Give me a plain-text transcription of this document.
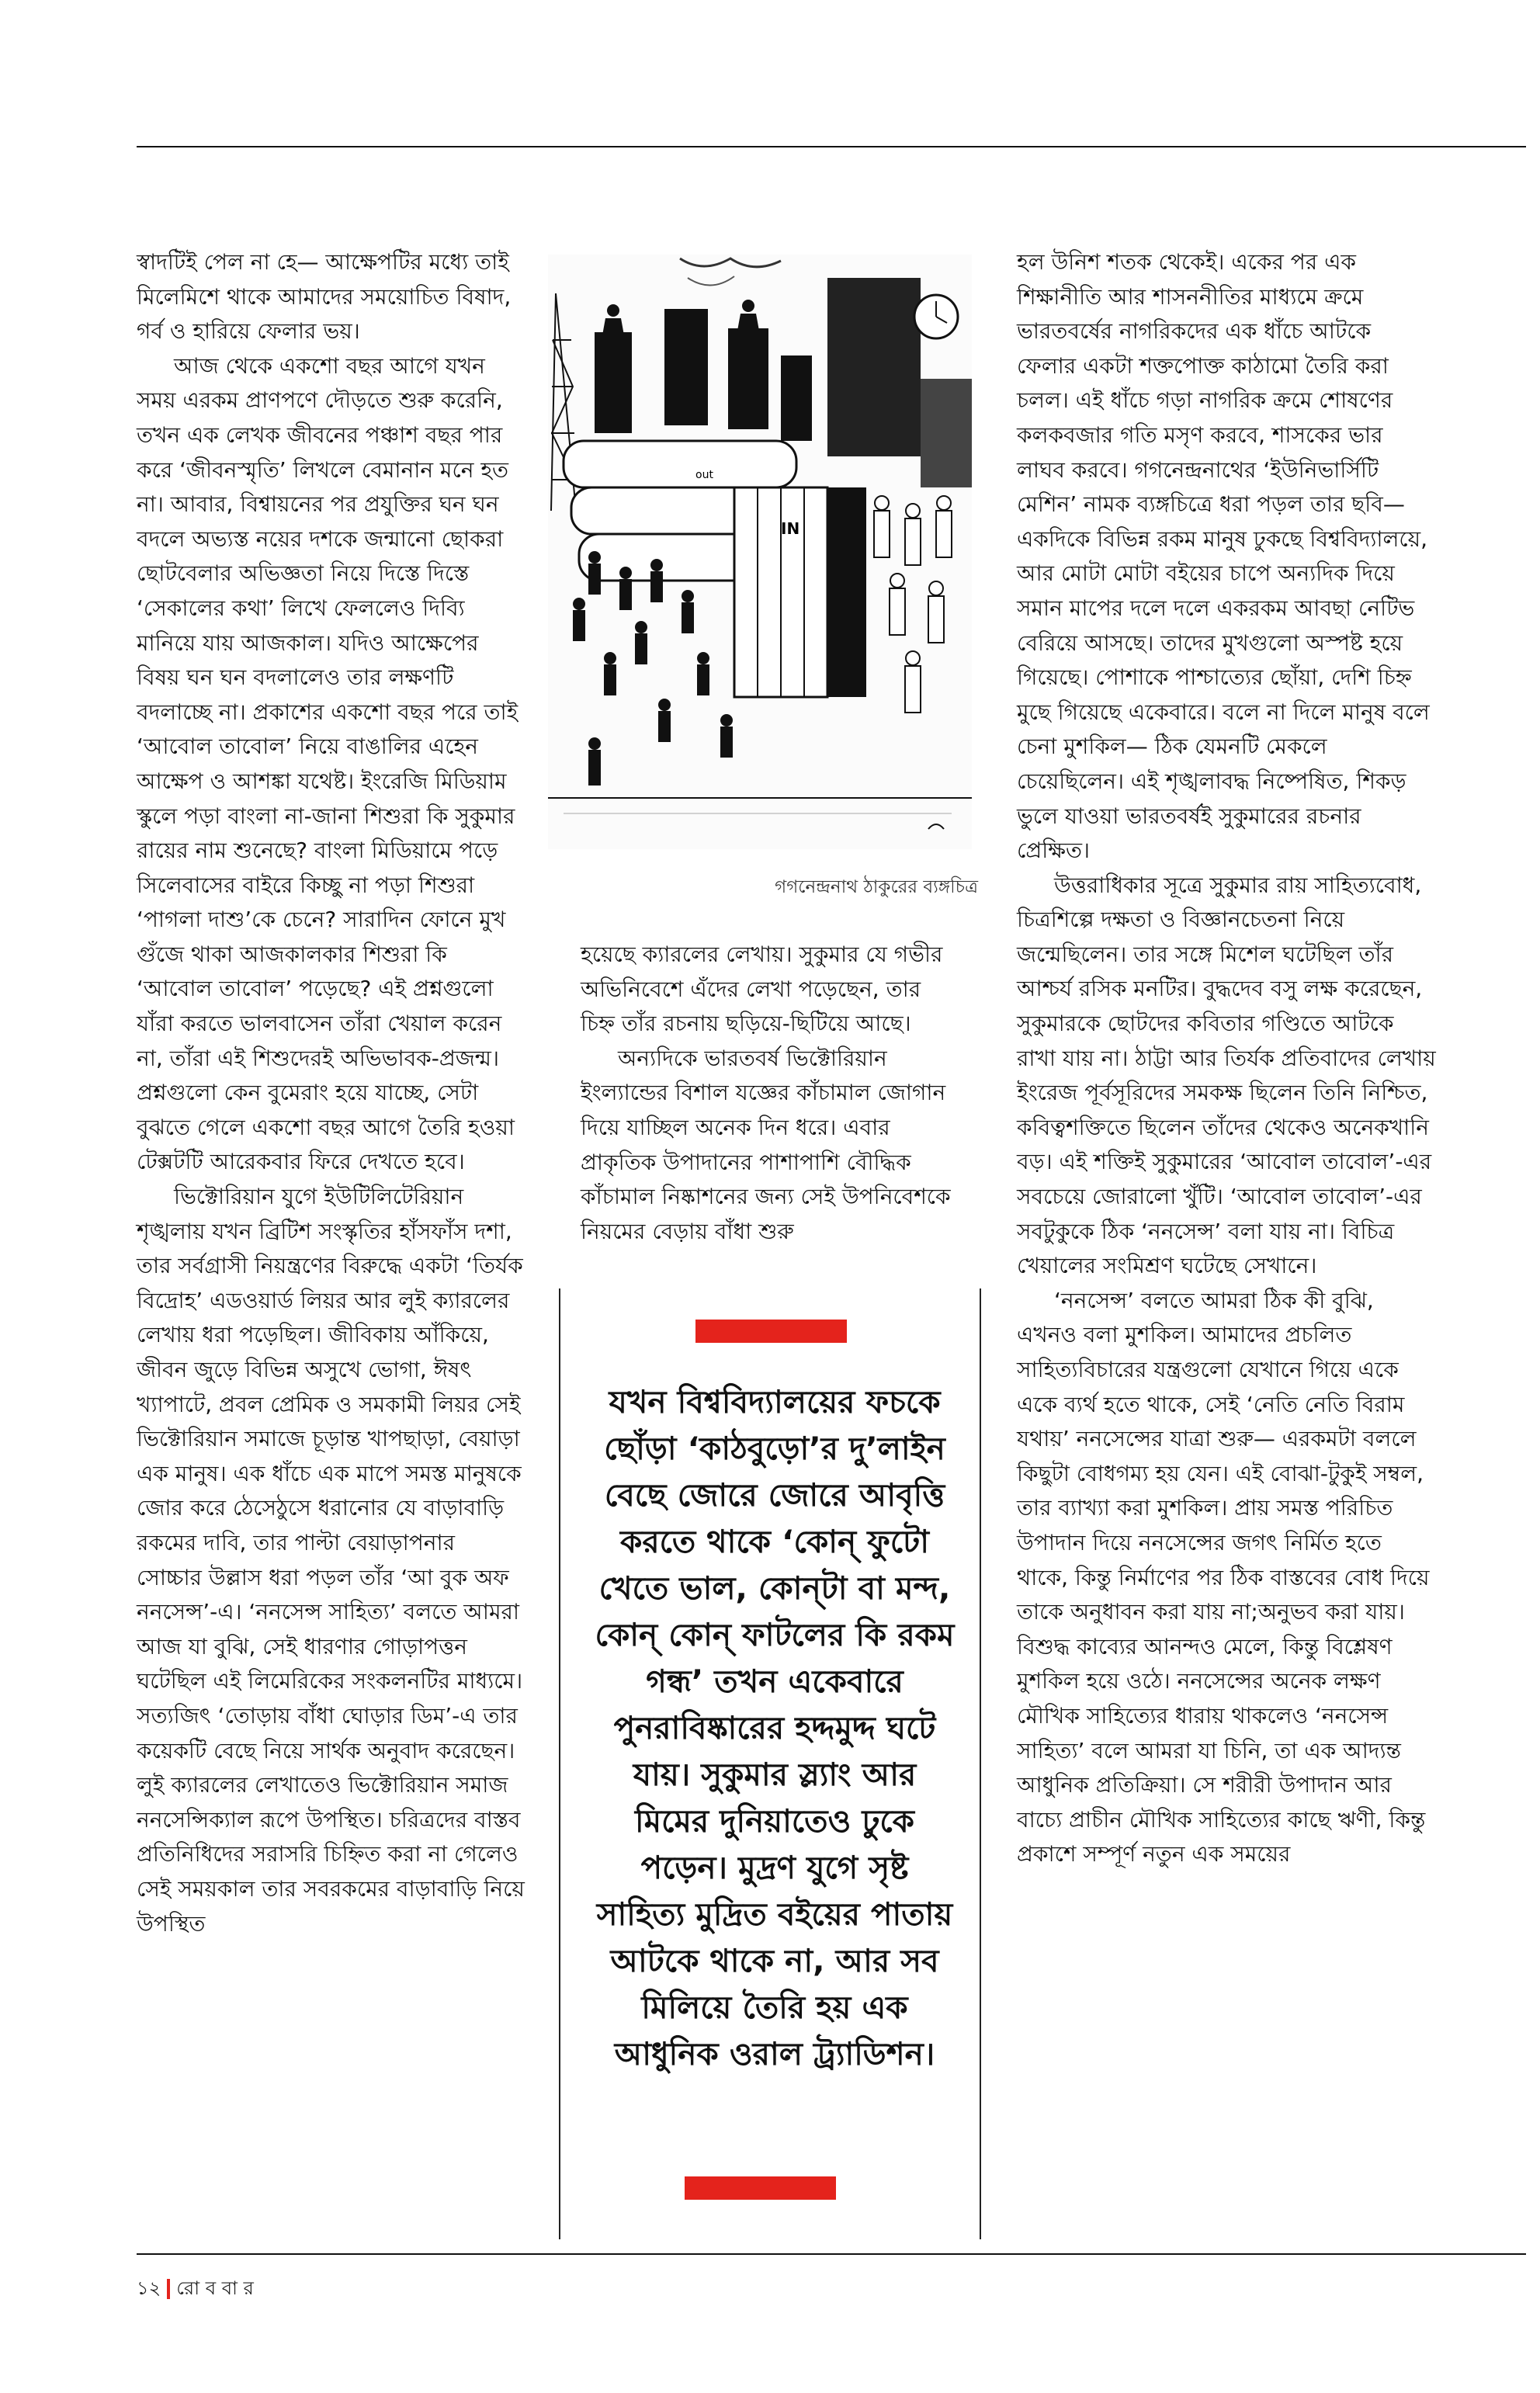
স্বাদটিই পেল না হে— আক্ষেপটির মধ্যে তাই মিলেমিশে থাকে আমাদের সময়োচিত বিষাদ, গর্ব ও হারিয়ে ফেলার ভয়।

আজ থেকে একশো বছর আগে যখন সময় এরকম প্রাণপণে দৌড়তে শুরু করেনি, তখন এক লেখক জীবনের পঞ্চাশ বছর পার করে ‘জীবনস্মৃতি’ লিখলে বেমানান মনে হত না। আবার, বিশ্বায়নের পর প্রযুক্তির ঘন ঘন বদলে অভ্যস্ত নয়ের দশকে জন্মানো ছোকরা ছোটবেলার অভিজ্ঞতা নিয়ে দিস্তে দিস্তে ‘সেকালের কথা’ লিখে ফেললেও দিব্যি মানিয়ে যায় আজকাল। যদিও আক্ষেপের বিষয় ঘন ঘন বদলালেও তার লক্ষণটি বদলাচ্ছে না। প্রকাশের একশো বছর পরে তাই ‘আবোল তাবোল’ নিয়ে বাঙালির এহেন আক্ষেপ ও আশঙ্কা যথেষ্ট। ইংরেজি মিডিয়াম স্কুলে পড়া বাংলা না-জানা শিশুরা কি সুকুমার রায়ের নাম শুনেছে? বাংলা মিডিয়ামে পড়ে সিলেবাসের বাইরে কিচ্ছু না পড়া শিশুরা ‘পাগলা দাশু’কে চেনে? সারাদিন ফোনে মুখ গুঁজে থাকা আজকালকার শিশুরা কি ‘আবোল তাবোল’ পড়েছে? এই প্রশ্নগুলো যাঁরা করতে ভালবাসেন তাঁরা খেয়াল করেন না, তাঁরা এই শিশুদেরই অভিভাবক-প্রজন্ম। প্রশ্নগুলো কেন বুমেরাং হয়ে যাচ্ছে, সেটা বুঝতে গেলে একশো বছর আগে তৈরি হওয়া টেক্সটটি আরেকবার ফিরে দেখতে হবে।

ভিক্টোরিয়ান যুগে ইউটিলিটেরিয়ান শৃঙ্খলায় যখন ব্রিটিশ সংস্কৃতির হাঁসফাঁস দশা, তার সর্বগ্রাসী নিয়ন্ত্রণের বিরুদ্ধে একটা ‘তির্যক বিদ্রোহ’ এডওয়ার্ড লিয়র আর লুই ক্যারলের লেখায় ধরা পড়েছিল। জীবিকায় আঁকিয়ে, জীবন জুড়ে বিভিন্ন অসুখে ভোগা, ঈষৎ খ্যাপাটে, প্রবল প্রেমিক ও সমকামী লিয়র সেই ভিক্টোরিয়ান সমাজে চূড়ান্ত খাপছাড়া, বেয়াড়া এক মানুষ। এক ধাঁচে এক মাপে সমস্ত মানুষকে জোর করে ঠেসেঠুসে ধরানোর যে বাড়াবাড়ি রকমের দাবি, তার পাল্টা বেয়াড়াপনার সোচ্চার উল্লাস ধরা পড়ল তাঁর ‘আ বুক অফ ননসেন্স’-এ। ‘ননসেন্স সাহিত্য’ বলতে আমরা আজ যা বুঝি, সেই ধারণার গোড়াপত্তন ঘটেছিল এই লিমেরিকের সংকলনটির মাধ্যমে। সত্যজিৎ ‘তোড়ায় বাঁধা ঘোড়ার ডিম’-এ তার কয়েকটি বেছে নিয়ে সার্থক অনুবাদ করেছেন। লুই ক্যারলের লেখাতেও ভিক্টোরিয়ান সমাজ ননসেন্সিক্যাল রূপে উপস্থিত। চরিত্রদের বাস্তব প্রতিনিধিদের সরাসরি চিহ্নিত করা না গেলেও সেই সময়কাল তার সবরকমের বাড়াবাড়ি নিয়ে উপস্থিত

out
IN
গগনেন্দ্রনাথ ঠাকুরের ব্যঙ্গচিত্র

হয়েছে ক্যারলের লেখায়। সুকুমার যে গভীর অভিনিবেশে এঁদের লেখা পড়েছেন, তার চিহ্ন তাঁর রচনায় ছড়িয়ে-ছিটিয়ে আছে।

অন্যদিকে ভারতবর্ষ ভিক্টোরিয়ান ইংল্যান্ডের বিশাল যজ্ঞের কাঁচামাল জোগান দিয়ে যাচ্ছিল অনেক দিন ধরে। এবার প্রাকৃতিক উপাদানের পাশাপাশি বৌদ্ধিক কাঁচামাল নিষ্কাশনের জন্য সেই উপনিবেশকে নিয়মের বেড়ায় বাঁধা শুরু

যখন বিশ্ববিদ্যালয়ের ফচকে ছোঁড়া ‘কাঠবুড়ো’র দু’লাইন বেছে জোরে জোরে আবৃত্তি করতে থাকে ‘কোন্‌ ফুটো খেতে ভাল, কোন্‌টা বা মন্দ, কোন্‌ কোন্‌ ফাটলের কি রকম গন্ধ’ তখন একেবারে পুনরাবিষ্কারের হদ্দমুদ্দ ঘটে যায়। সুকুমার স্ল্যাং আর মিমের দুনিয়াতেও ঢুকে পড়েন। মুদ্রণ যুগে সৃষ্ট সাহিত্য মুদ্রিত বইয়ের পাতায় আটকে থাকে না, আর সব মিলিয়ে তৈরি হয় এক আধুনিক ওরাল ট্র্যাডিশন।

হল উনিশ শতক থেকেই। একের পর এক শিক্ষানীতি আর শাসননীতির মাধ্যমে ক্রমে ভারতবর্ষের নাগরিকদের এক ধাঁচে আটকে ফেলার একটা শক্তপোক্ত কাঠামো তৈরি করা চলল। এই ধাঁচে গড়া নাগরিক ক্রমে শোষণের কলকবজার গতি মসৃণ করবে, শাসকের ভার লাঘব করবে। গগনেন্দ্রনাথের ‘ইউনিভার্সিটি মেশিন’ নামক ব্যঙ্গচিত্রে ধরা পড়ল তার ছবি— একদিকে বিভিন্ন রকম মানুষ ঢুকছে বিশ্ববিদ্যালয়ে, আর মোটা মোটা বইয়ের চাপে অন্যদিক দিয়ে সমান মাপের দলে দলে একরকম আবছা নেটিভ বেরিয়ে আসছে। তাদের মুখগুলো অস্পষ্ট হয়ে গিয়েছে। পোশাকে পাশ্চাত্যের ছোঁয়া, দেশি চিহ্ন মুছে গিয়েছে একেবারে। বলে না দিলে মানুষ বলে চেনা মুশকিল— ঠিক যেমনটি মেকলে চেয়েছিলেন। এই শৃঙ্খলাবদ্ধ নিষ্পেষিত, শিকড় ভুলে যাওয়া ভারতবর্ষই সুকুমারের রচনার প্রেক্ষিত।

উত্তরাধিকার সূত্রে সুকুমার রায় সাহিত্যবোধ, চিত্রশিল্পে দক্ষতা ও বিজ্ঞানচেতনা নিয়ে জন্মেছিলেন। তার সঙ্গে মিশেল ঘটেছিল তাঁর আশ্চর্য রসিক মনটির। বুদ্ধদেব বসু লক্ষ করেছেন, সুকুমারকে ছোটদের কবিতার গণ্ডিতে আটকে রাখা যায় না। ঠাট্টা আর তির্যক প্রতিবাদের লেখায় ইংরেজ পূর্বসূরিদের সমকক্ষ ছিলেন তিনি নিশ্চিত, কবিত্বশক্তিতে ছিলেন তাঁদের থেকেও অনেকখানি বড়। এই শক্তিই সুকুমারের ‘আবোল তাবোল’-এর সবচেয়ে জোরালো খুঁটি। ‘আবোল তাবোল’-এর সবটুকুকে ঠিক ‘ননসেন্স’ বলা যায় না। বিচিত্র খেয়ালের সংমিশ্রণ ঘটেছে সেখানে।

‘ননসেন্স’ বলতে আমরা ঠিক কী বুঝি, এখনও বলা মুশকিল। আমাদের প্রচলিত সাহিত্যবিচারের যন্ত্রগুলো যেখানে গিয়ে একে একে ব্যর্থ হতে থাকে, সেই ‘নেতি নেতি বিরাম যথায়’ ননসেন্সের যাত্রা শুরু— এরকমটা বললে কিছুটা বোধগম্য হয় যেন। এই বোঝা-টুকুই সম্বল, তার ব্যাখ্যা করা মুশকিল। প্রায় সমস্ত পরিচিত উপাদান দিয়ে ননসেন্সের জগৎ নির্মিত হতে থাকে, কিন্তু নির্মাণের পর ঠিক বাস্তবের বোধ দিয়ে তাকে অনুধাবন করা যায় না;অনুভব করা যায়। বিশুদ্ধ কাব্যের আনন্দও মেলে, কিন্তু বিশ্লেষণ মুশকিল হয়ে ওঠে। ননসেন্সের অনেক লক্ষণ মৌখিক সাহিত্যের ধারায় থাকলেও ‘ননসেন্স সাহিত্য’ বলে আমরা যা চিনি, তা এক আদ্যন্ত আধুনিক প্রতিক্রিয়া। সে শরীরী উপাদান আর বাচ্যে প্রাচীন মৌখিক সাহিত্যের কাছে ঋণী, কিন্তু প্রকাশে সম্পূর্ণ নতুন এক সময়ের

১২ রো ব বা র
